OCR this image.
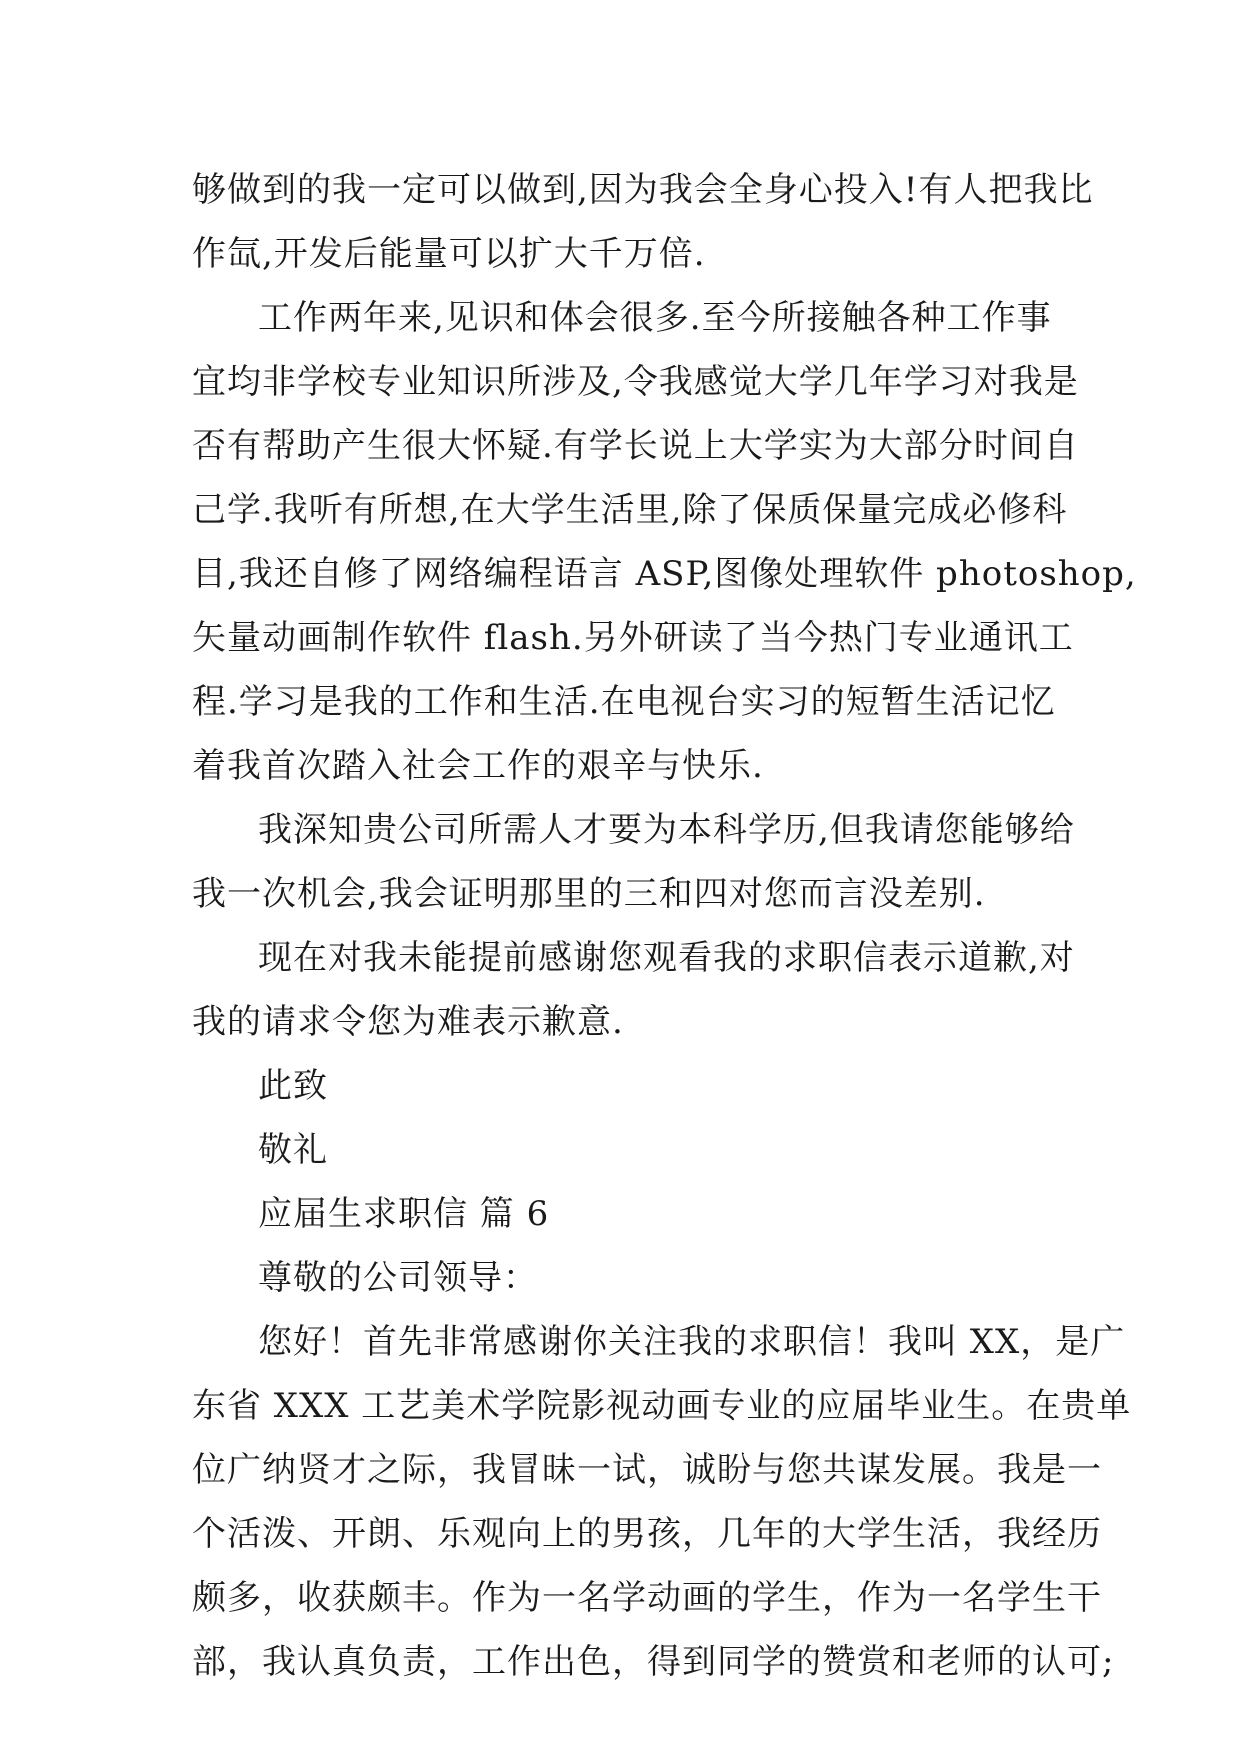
够做到的我一定可以做到,因为我会全身心投入!有人把我比
作氙,开发后能量可以扩大千万倍.
工作两年来,见识和体会很多.至今所接触各种工作事
宜均非学校专业知识所涉及,令我感觉大学几年学习对我是
否有帮助产生很大怀疑.有学长说上大学实为大部分时间自
己学.我听有所想,在大学生活里,除了保质保量完成必修科
目,我还自修了网络编程语言 ASP,图像处理软件 photoshop,
矢量动画制作软件 flash.另外研读了当今热门专业通讯工
程.学习是我的工作和生活.在电视台实习的短暂生活记忆
着我首次踏入社会工作的艰辛与快乐.
我深知贵公司所需人才要为本科学历,但我请您能够给
我一次机会,我会证明那里的三和四对您而言没差别.
现在对我未能提前感谢您观看我的求职信表示道歉,对
我的请求令您为难表示歉意.
此致
敬礼
应届生求职信 篇 6
尊敬的公司领导：
您好！首先非常感谢你关注我的求职信！我叫 XX，是广
东省 XXX 工艺美术学院影视动画专业的应届毕业生。在贵单
位广纳贤才之际，我冒昧一试，诚盼与您共谋发展。我是一
个活泼、开朗、乐观向上的男孩，几年的大学生活，我经历
颇多，收获颇丰。作为一名学动画的学生，作为一名学生干
部，我认真负责，工作出色，得到同学的赞赏和老师的认可;
